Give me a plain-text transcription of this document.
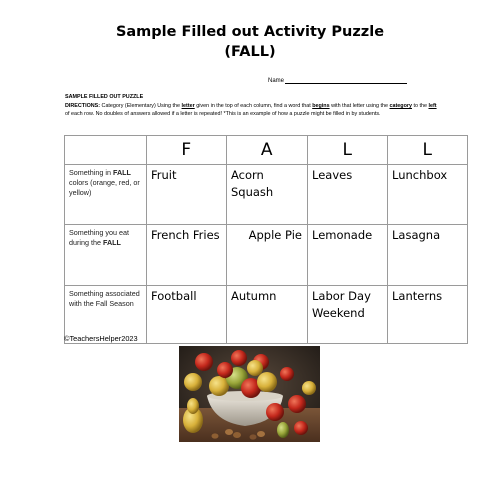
Sample Filled out Activity Puzzle
(FALL)
Name
SAMPLE FILLED OUT PUZZLE
DIRECTIONS: Category (Elementary) Using the letter given in the top of each column, find a word that begins with that letter using the category to the left of each row. No doubles of answers allowed if a letter is repeated! *This is an example of how a puzzle might be filled in by students.
	F	A	L	L
Something in FALL colors (orange, red, or yellow)	Fruit	Acorn Squash	Leaves	Lunchbox
Something you eat during the FALL	French Fries	Apple Pie	Lemonade	Lasagna
Something associated with the Fall Season	Football	Autumn	Labor Day Weekend	Lanterns
©TeachersHelper2023
